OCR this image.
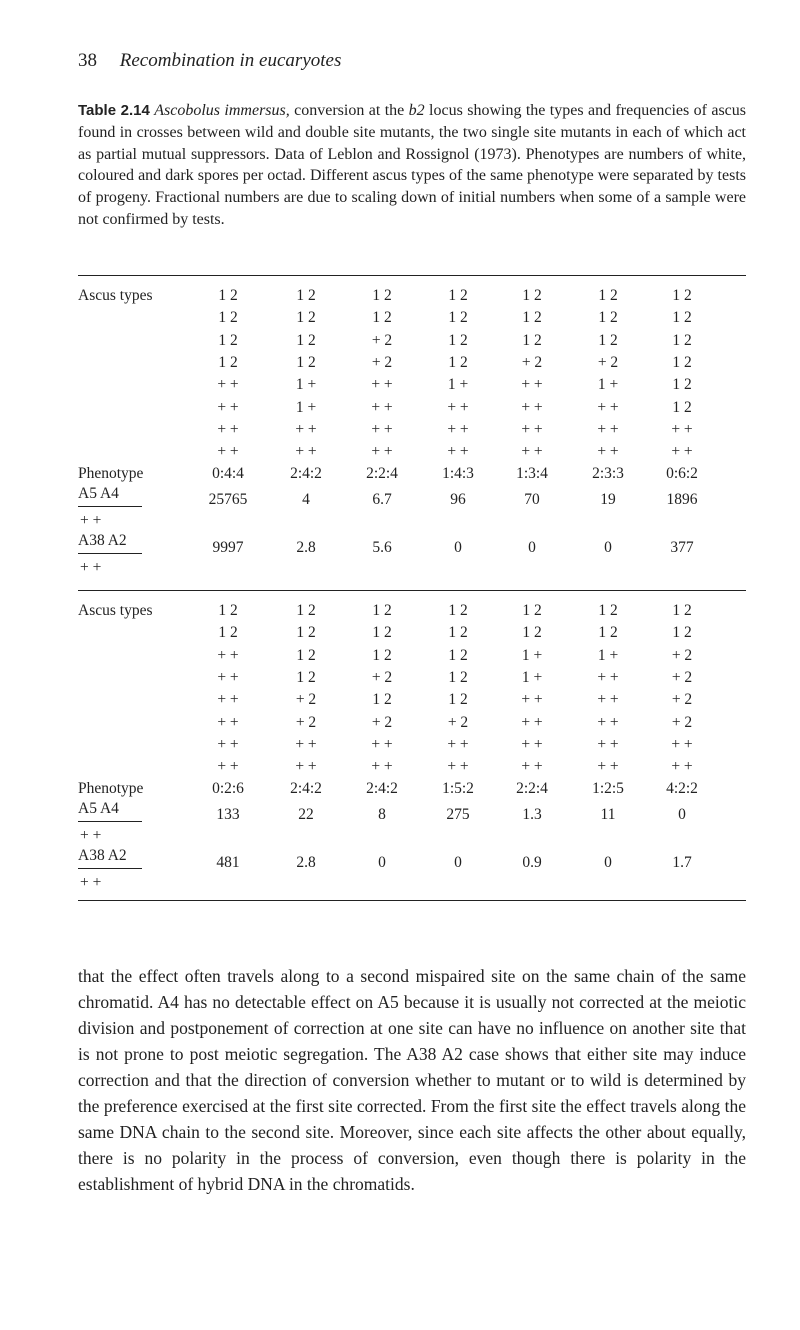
38 Recombination in eucaryotes
Table 2.14 Ascobolus immersus, conversion at the b2 locus showing the types and frequencies of ascus found in crosses between wild and double site mutants, the two single site mutants in each of which act as partial mutual suppressors. Data of Leblon and Rossignol (1973). Phenotypes are numbers of white, coloured and dark spores per octad. Different ascus types of the same phenotype were separated by tests of progeny. Fractional numbers are due to scaling down of initial numbers when some of a sample were not confirmed by tests.
Ascus types
Phenotype
A5 A4
+ +
A38 A2
+ +
1 2
1 2
1 2
1 2
+ +
+ +
+ +
+ +
0:4:4
25765
9997
1 2
1 2
1 2
1 2
1 +
1 +
+ +
+ +
2:4:2
4
2.8
1 2
1 2
+ 2
+ 2
+ +
+ +
+ +
+ +
2:2:4
6.7
5.6
1 2
1 2
1 2
1 2
1 +
+ +
+ +
+ +
1:4:3
96
0
1 2
1 2
1 2
+ 2
+ +
+ +
+ +
+ +
1:3:4
70
0
1 2
1 2
1 2
+ 2
1 +
+ +
+ +
+ +
2:3:3
19
0
1 2
1 2
1 2
1 2
1 2
1 2
+ +
+ +
0:6:2
1896
377
Ascus types
Phenotype
A5 A4
+ +
A38 A2
+ +
1 2
1 2
+ +
+ +
+ +
+ +
+ +
+ +
0:2:6
133
481
1 2
1 2
1 2
1 2
+ 2
+ 2
+ +
+ +
2:4:2
22
2.8
1 2
1 2
1 2
+ 2
1 2
+ 2
+ +
+ +
2:4:2
8
0
1 2
1 2
1 2
1 2
1 2
+ 2
+ +
+ +
1:5:2
275
0
1 2
1 2
1 +
1 +
+ +
+ +
+ +
+ +
2:2:4
1.3
0.9
1 2
1 2
1 +
+ +
+ +
+ +
+ +
+ +
1:2:5
11
0
1 2
1 2
+ 2
+ 2
+ 2
+ 2
+ +
+ +
4:2:2
0
1.7
that the effect often travels along to a second mispaired site on the same chain of the same chromatid. A4 has no detectable effect on A5 because it is usually not corrected at the meiotic division and postponement of correction at one site can have no influence on another site that is not prone to post meiotic segregation. The A38 A2 case shows that either site may induce correction and that the direction of conversion whether to mutant or to wild is determined by the preference exercised at the first site corrected. From the first site the effect travels along the same DNA chain to the second site. Moreover, since each site affects the other about equally, there is no polarity in the process of conversion, even though there is polarity in the establishment of hybrid DNA in the chromatids.
